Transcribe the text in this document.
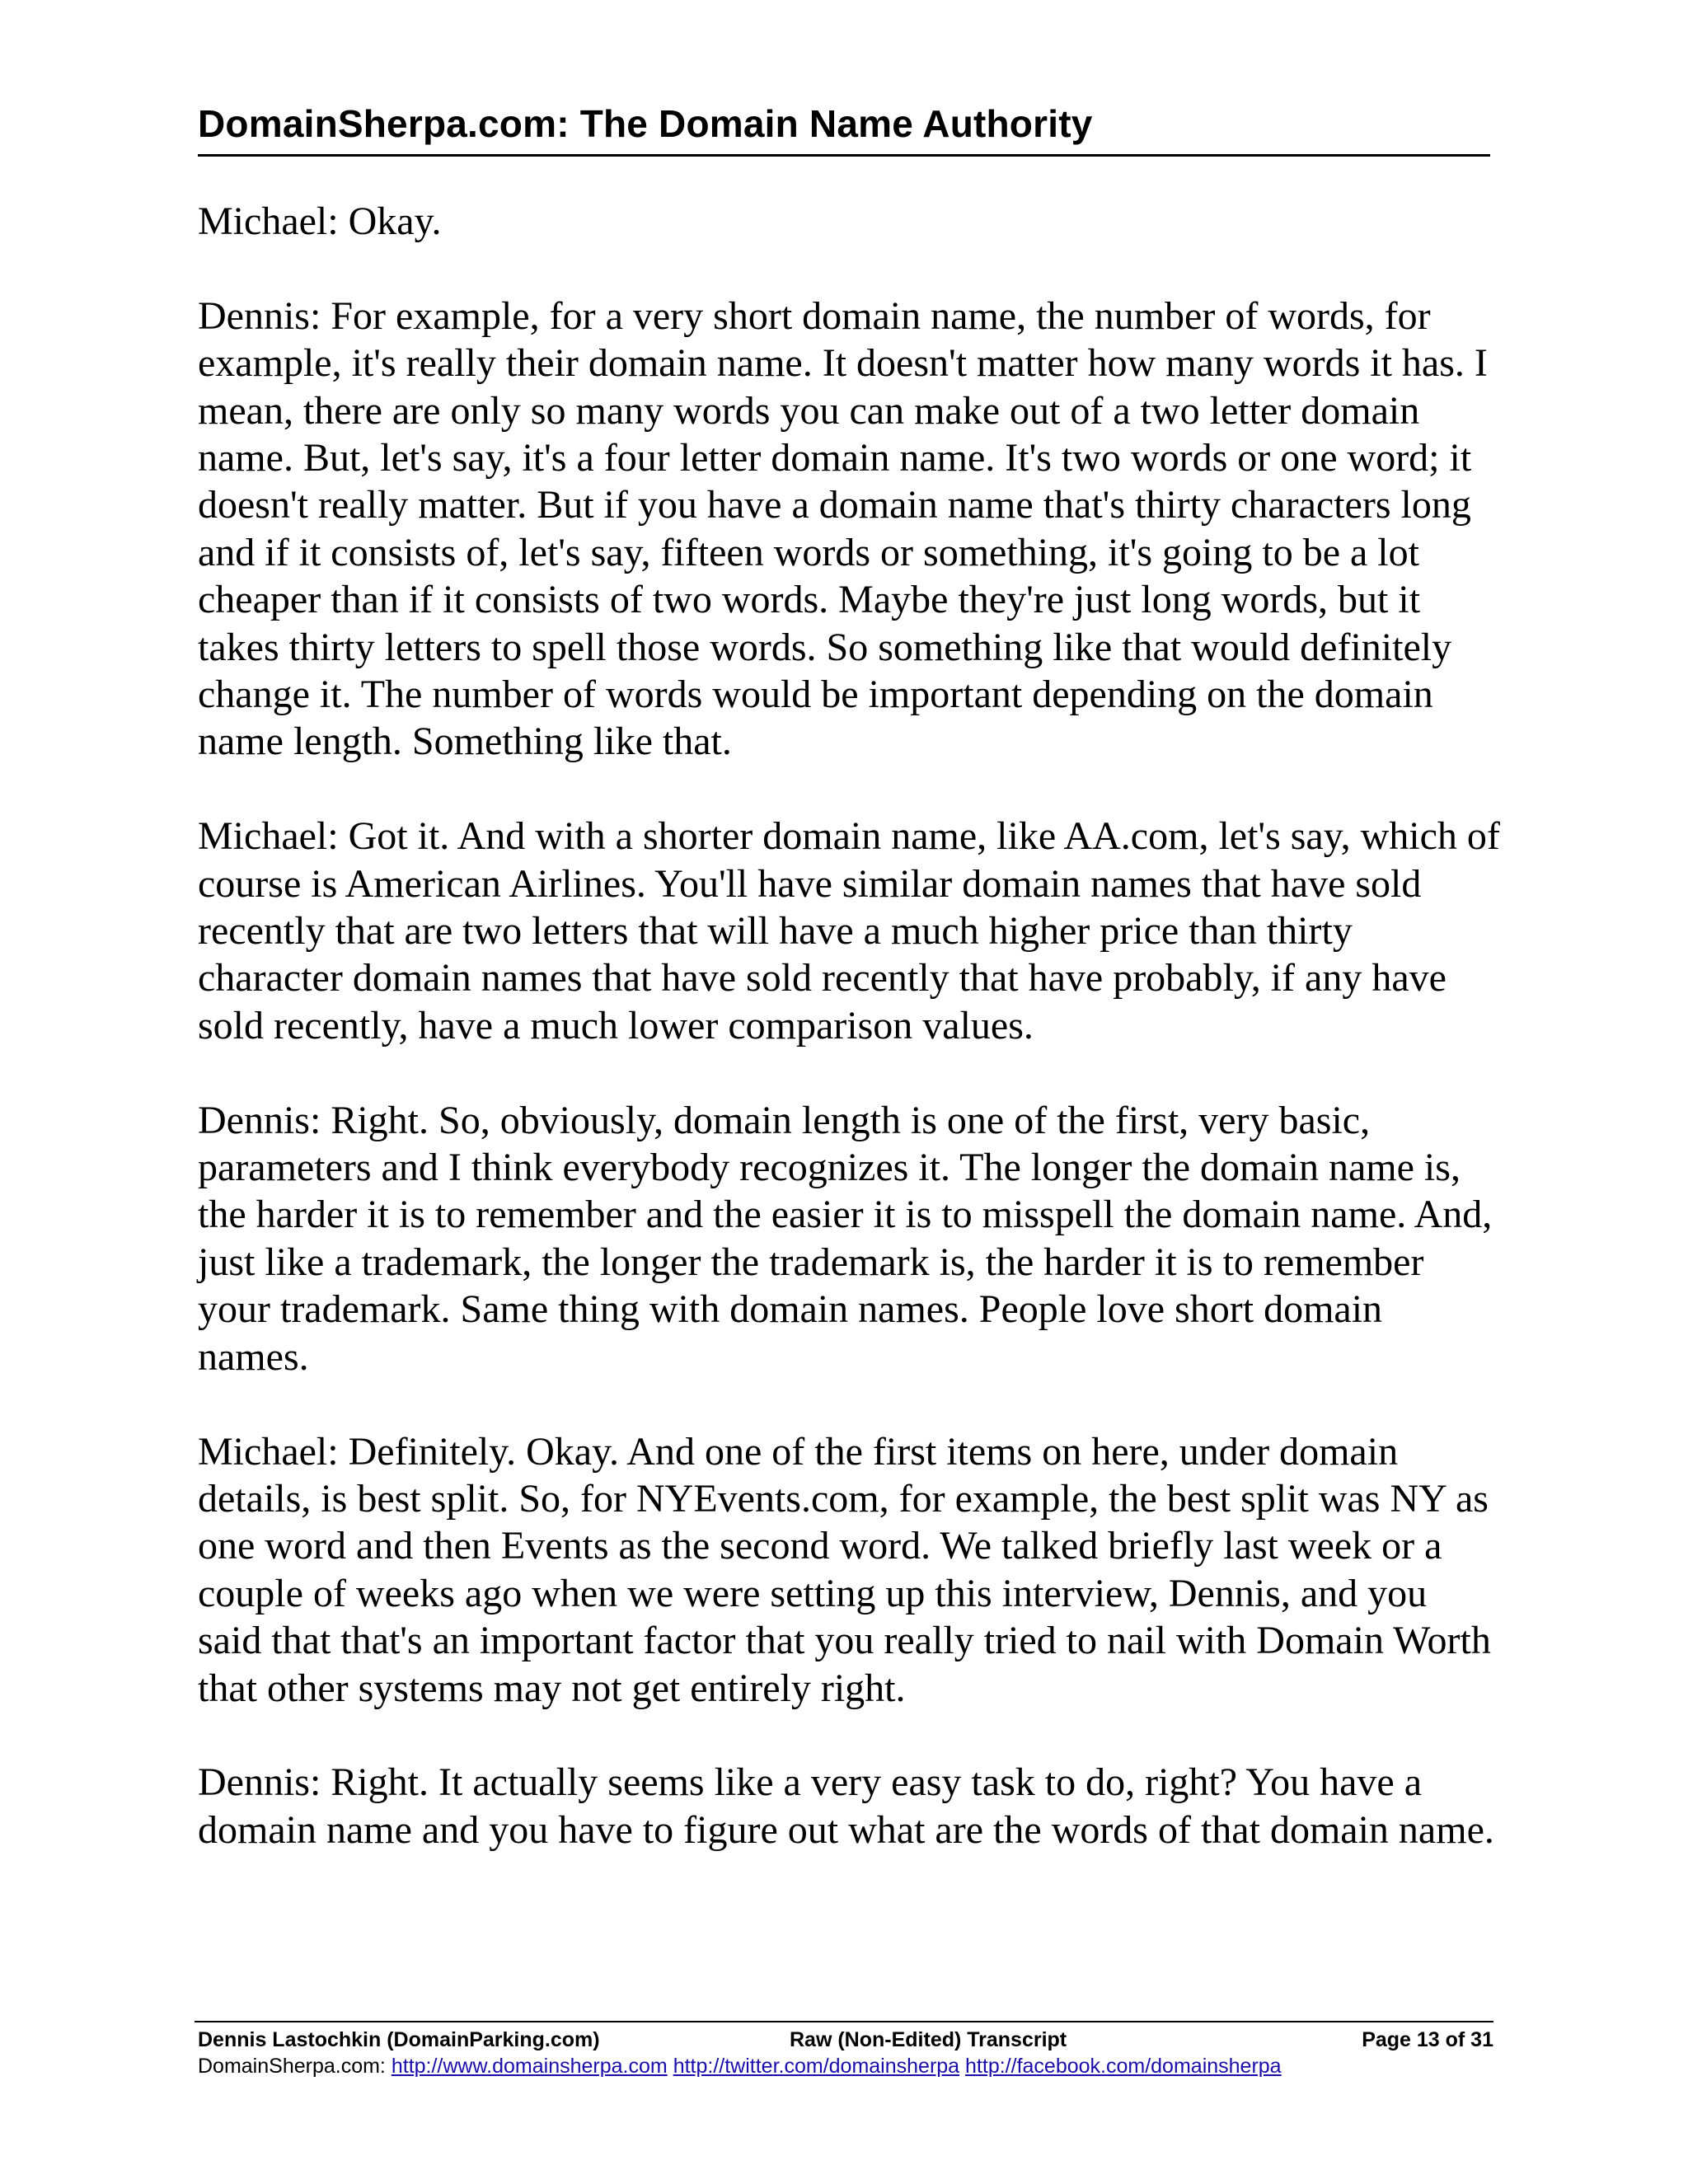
DomainSherpa.com: The Domain Name Authority

Michael: Okay.

Dennis: For example, for a very short domain name, the number of words, for example, it's really their domain name. It doesn't matter how many words it has. I mean, there are only so many words you can make out of a two letter domain name. But, let's say, it's a four letter domain name. It's two words or one word; it doesn't really matter. But if you have a domain name that's thirty characters long and if it consists of, let's say, fifteen words or something, it's going to be a lot cheaper than if it consists of two words. Maybe they're just long words, but it takes thirty letters to spell those words. So something like that would definitely change it. The number of words would be important depending on the domain name length. Something like that.

Michael: Got it. And with a shorter domain name, like AA.com, let's say, which of course is American Airlines. You'll have similar domain names that have sold recently that are two letters that will have a much higher price than thirty character domain names that have sold recently that have probably, if any have sold recently, have a much lower comparison values.

Dennis: Right. So, obviously, domain length is one of the first, very basic, parameters and I think everybody recognizes it. The longer the domain name is, the harder it is to remember and the easier it is to misspell the domain name. And, just like a trademark, the longer the trademark is, the harder it is to remember your trademark. Same thing with domain names. People love short domain names.

Michael: Definitely. Okay. And one of the first items on here, under domain details, is best split. So, for NYEvents.com, for example, the best split was NY as one word and then Events as the second word. We talked briefly last week or a couple of weeks ago when we were setting up this interview, Dennis, and you said that that's an important factor that you really tried to nail with Domain Worth that other systems may not get entirely right.

Dennis: Right. It actually seems like a very easy task to do, right? You have a domain name and you have to figure out what are the words of that domain name.

Dennis Lastochkin (DomainParking.com)	Raw (Non-Edited) Transcript	Page 13 of 31
DomainSherpa.com: http://www.domainsherpa.com http://twitter.com/domainsherpa http://facebook.com/domainsherpa
